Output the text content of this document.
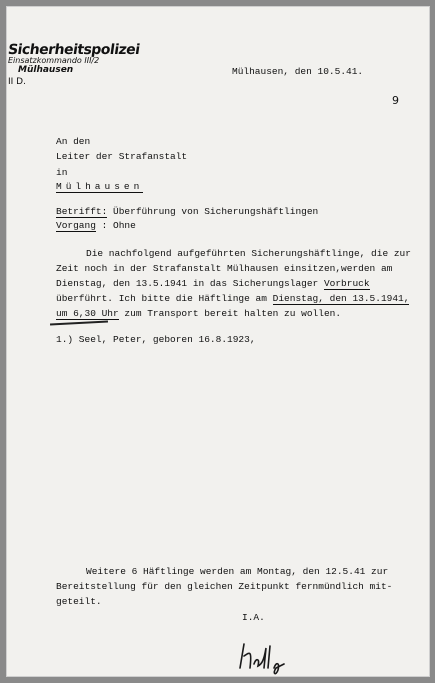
Sicherheitspolizei
Einsatzkommando III/2
Mülhausen
II D.
Mülhausen, den 10.5.41.
9
An den
Leiter der Strafanstalt
in
Mülhausen
Betrifft: Überführung von Sicherungshäftlingen
Vorgang : Ohne
Die nachfolgend aufgeführten Sicherungshäftlinge, die zur
Zeit noch in der Strafanstalt Mülhausen einsitzen,werden am
Dienstag, den 13.5.1941 in das Sicherungslager Vorbruck
überführt. Ich bitte die Häftlinge am Dienstag, den 13.5.1941,
um 6,30 Uhr zum Transport bereit halten zu wollen.
1.) Seel, Peter, geboren 16.8.1923,
Weitere 6 Häftlinge werden am Montag, den 12.5.41 zur
Bereitstellung für den gleichen Zeitpunkt fernmündlich mit-
geteilt.
I.A.
